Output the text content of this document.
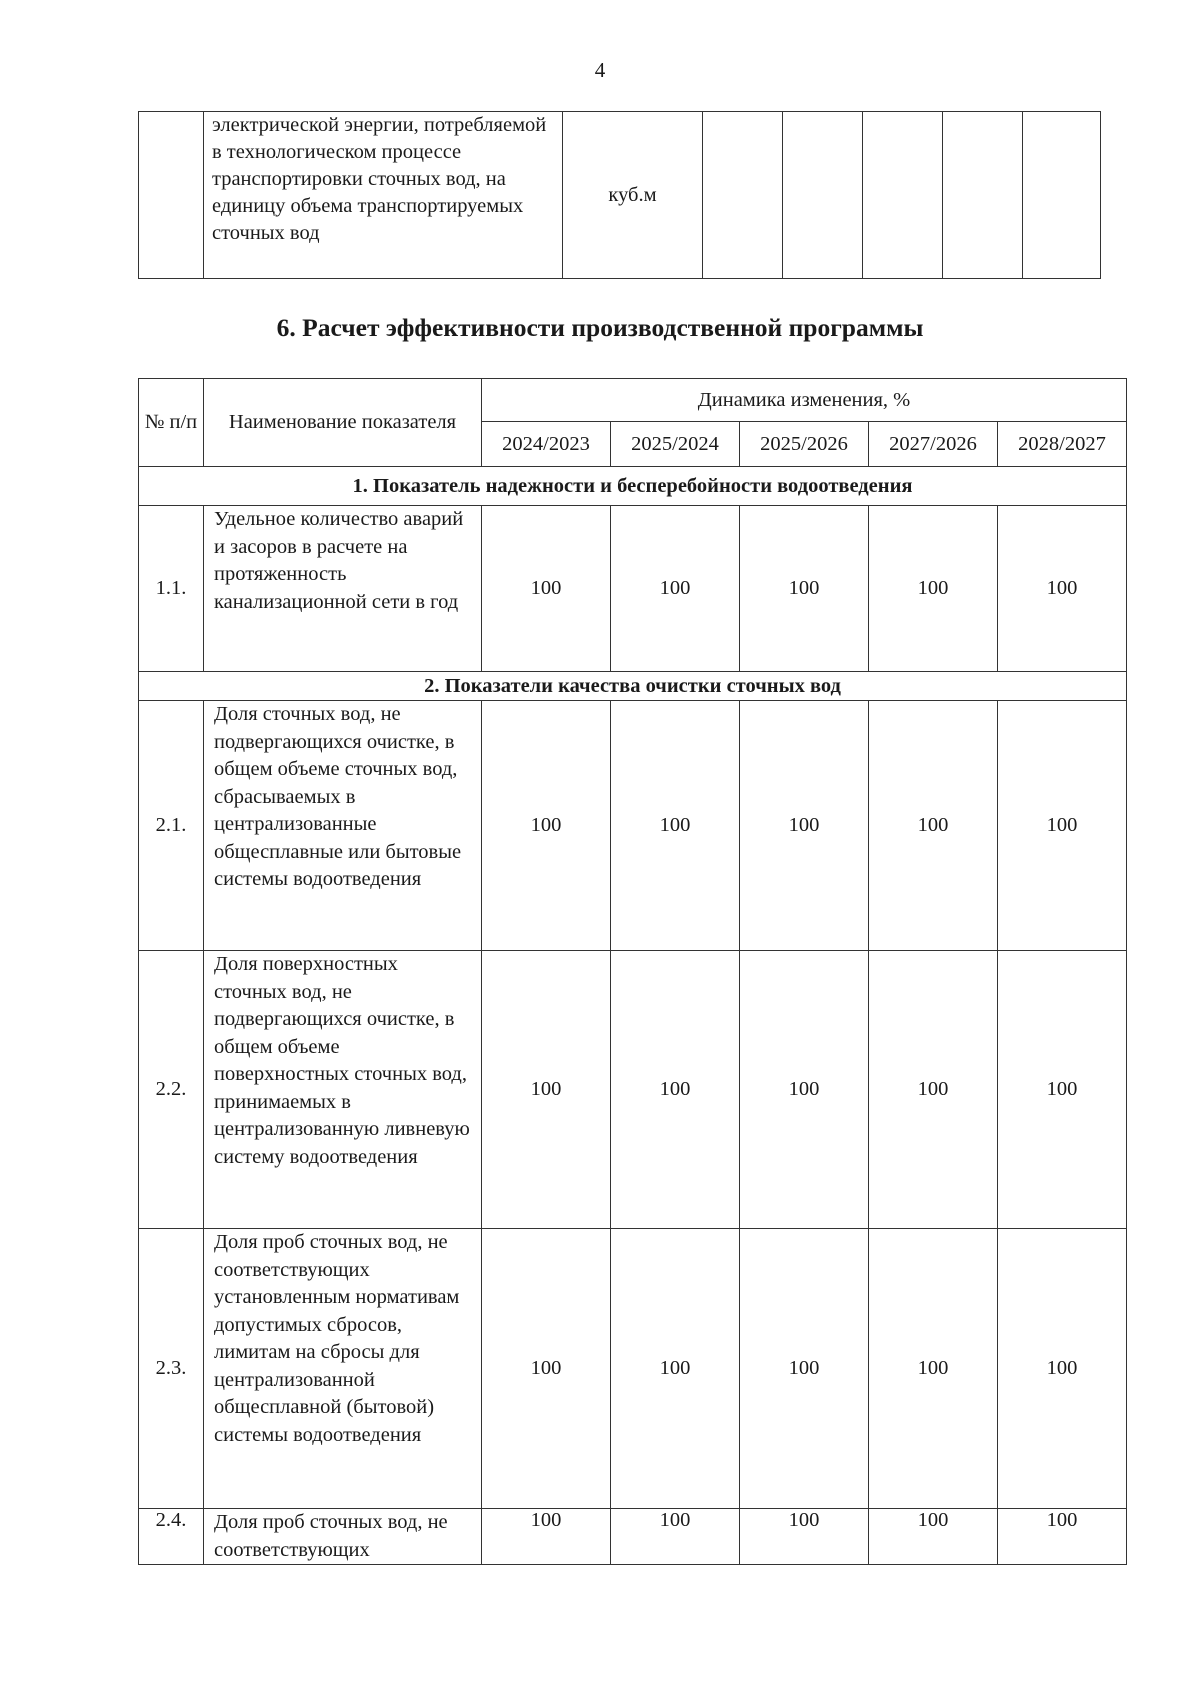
4
	электрической энергии, потребляемой в технологическом процессе транспортировки сточных вод, на единицу объема транспортируемых сточных вод	куб.м					
6. Расчет эффективности производственной программы
№ п/п	Наименование показателя	Динамика изменения, %				
		2024/2023	2025/2024	2025/2026	2027/2026	2028/2027
1. Показатель надежности и бесперебойности водоотведения						
1.1.	Удельное количество аварий и засоров в расчете на протяженность канализационной сети в год	100	100	100	100	100
2. Показатели качества очистки сточных вод						
2.1.	Доля сточных вод, не подвергающихся очистке, в общем объеме сточных вод, сбрасываемых в централизованные общесплавные или бытовые системы водоотведения	100	100	100	100	100
2.2.	Доля поверхностных сточных вод, не подвергающихся очистке, в общем объеме поверхностных сточных вод, принимаемых в централизованную ливневую систему водоотведения	100	100	100	100	100
2.3.	Доля проб сточных вод, не соответствующих установленным нормативам допустимых сбросов, лимитам на сбросы для централизованной общесплавной (бытовой) системы водоотведения	100	100	100	100	100
2.4.	Доля проб сточных вод, не соответствующих	100	100	100	100	100
